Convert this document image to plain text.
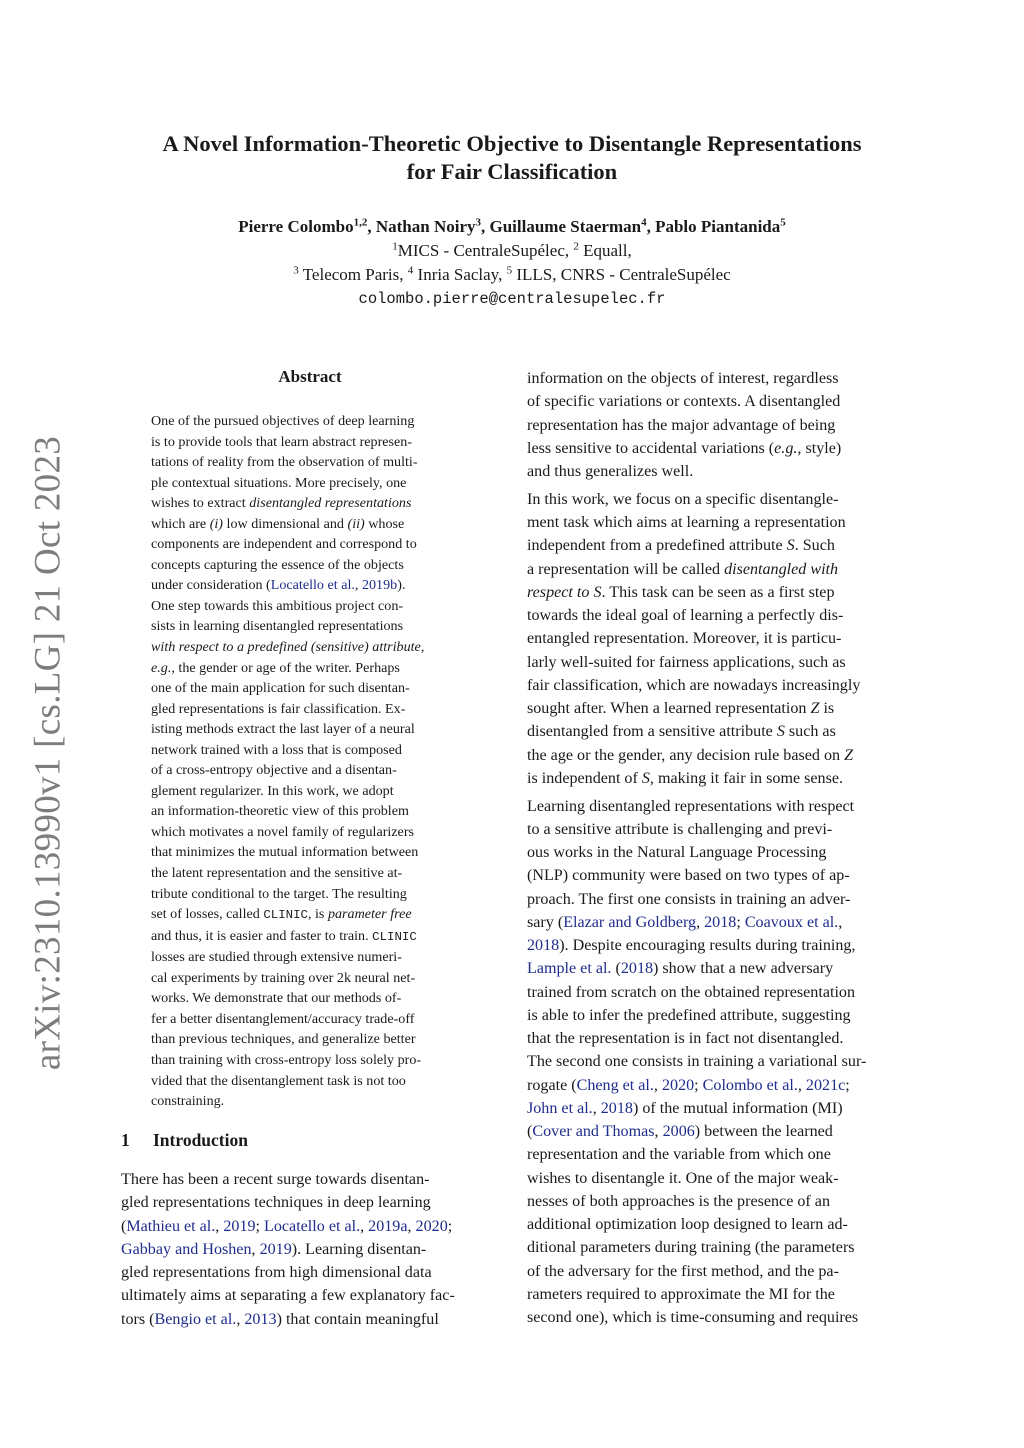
arXiv:2310.13990v1 [cs.LG] 21 Oct 2023
A Novel Information-Theoretic Objective to Disentangle Representations
for Fair Classification
Pierre Colombo$^{1,2}$, Nathan Noiry$^3$, Guillaume Staerman$^4$, Pablo Piantanida$^5$
$^1$MICS - CentraleSupélec, $^2$ Equall,
$^3$ Telecom Paris, $^4$ Inria Saclay, $^5$ ILLS, CNRS - CentraleSupélec
colombo.pierre@centralesupelec.fr
Abstract
One of the pursued objectives of deep learning
is to provide tools that learn abstract represen-
tations of reality from the observation of multi-
ple contextual situations. More precisely, one
wishes to extract disentangled representations
which are (i) low dimensional and (ii) whose
components are independent and correspond to
concepts capturing the essence of the objects
under consideration (Locatello et al., 2019b).
One step towards this ambitious project con-
sists in learning disentangled representations
with respect to a predefined (sensitive) attribute,
e.g., the gender or age of the writer. Perhaps
one of the main application for such disentan-
gled representations is fair classification. Ex-
isting methods extract the last layer of a neural
network trained with a loss that is composed
of a cross-entropy objective and a disentan-
glement regularizer. In this work, we adopt
an information-theoretic view of this problem
which motivates a novel family of regularizers
that minimizes the mutual information between
the latent representation and the sensitive at-
tribute conditional to the target. The resulting
set of losses, called CLINIC, is parameter free
and thus, it is easier and faster to train. CLINIC
losses are studied through extensive numeri-
cal experiments by training over 2k neural net-
works. We demonstrate that our methods of-
fer a better disentanglement/accuracy trade-off
than previous techniques, and generalize better
than training with cross-entropy loss solely pro-
vided that the disentanglement task is not too
constraining.
1 Introduction
There has been a recent surge towards disentan-
gled representations techniques in deep learning
(Mathieu et al., 2019; Locatello et al., 2019a, 2020;
Gabbay and Hoshen, 2019). Learning disentan-
gled representations from high dimensional data
ultimately aims at separating a few explanatory fac-
tors (Bengio et al., 2013) that contain meaningful
information on the objects of interest, regardless
of specific variations or contexts. A disentangled
representation has the major advantage of being
less sensitive to accidental variations (e.g., style)
and thus generalizes well.
In this work, we focus on a specific disentangle-
ment task which aims at learning a representation
independent from a predefined attribute S. Such
a representation will be called disentangled with
respect to S. This task can be seen as a first step
towards the ideal goal of learning a perfectly dis-
entangled representation. Moreover, it is particu-
larly well-suited for fairness applications, such as
fair classification, which are nowadays increasingly
sought after. When a learned representation Z is
disentangled from a sensitive attribute S such as
the age or the gender, any decision rule based on Z
is independent of S, making it fair in some sense.
Learning disentangled representations with respect
to a sensitive attribute is challenging and previ-
ous works in the Natural Language Processing
(NLP) community were based on two types of ap-
proach. The first one consists in training an adver-
sary (Elazar and Goldberg, 2018; Coavoux et al.,
2018). Despite encouraging results during training,
Lample et al. (2018) show that a new adversary
trained from scratch on the obtained representation
is able to infer the predefined attribute, suggesting
that the representation is in fact not disentangled.
The second one consists in training a variational sur-
rogate (Cheng et al., 2020; Colombo et al., 2021c;
John et al., 2018) of the mutual information (MI)
(Cover and Thomas, 2006) between the learned
representation and the variable from which one
wishes to disentangle it. One of the major weak-
nesses of both approaches is the presence of an
additional optimization loop designed to learn ad-
ditional parameters during training (the parameters
of the adversary for the first method, and the pa-
rameters required to approximate the MI for the
second one), which is time-consuming and requires
